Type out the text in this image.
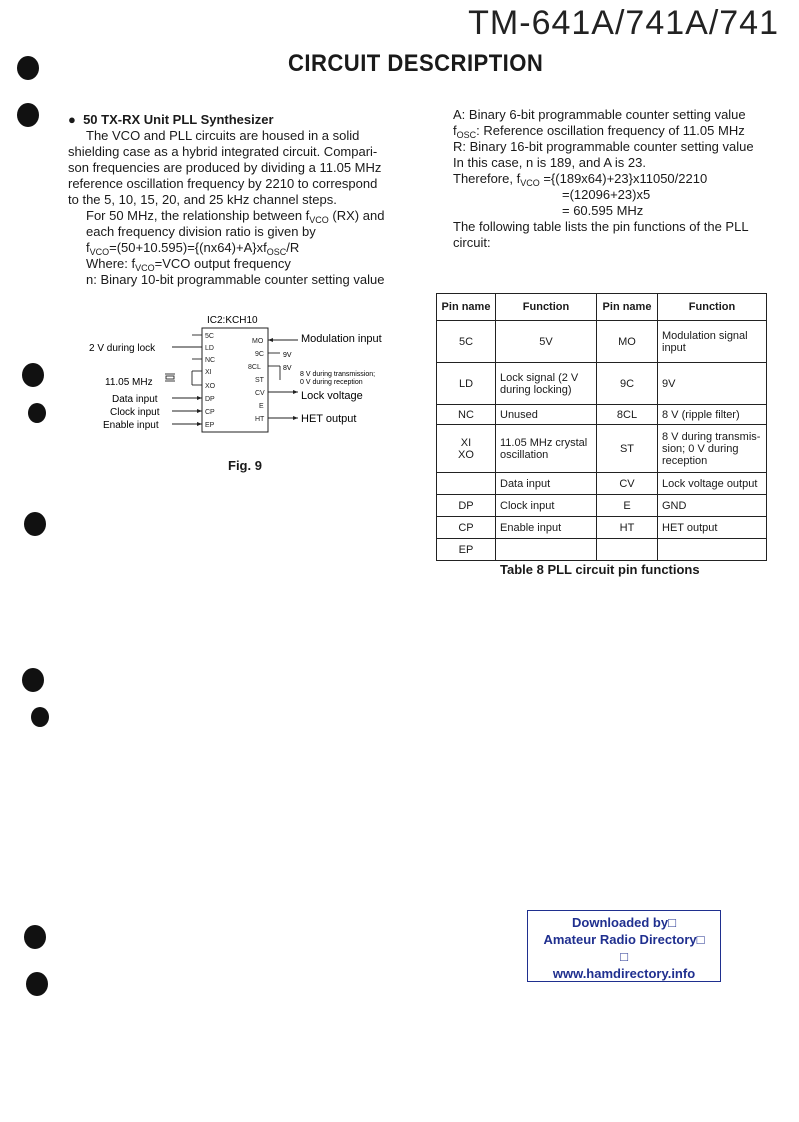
TM-641A/741A/741
CIRCUIT DESCRIPTION
●  50 TX-RX Unit PLL Synthesizer
The VCO and PLL circuits are housed in a solid
shielding case as a hybrid integrated circuit. Compari-
son frequencies are produced by dividing a 11.05 MHz
reference oscillation frequency by 2210 to correspond
to the 5, 10, 15, 20, and 25 kHz channel steps.
For 50 MHz, the relationship between $f_{VCO}$ (RX) and
each frequency division ratio is given by
$f_{VCO}=(50+10.595)=\{(nx64)+A\}xf_{OSC}/R$
Where: $f_{VCO}=VCO$ output frequency
n: Binary 10-bit programmable counter setting value
A: Binary 6-bit programmable counter setting value
$f_{OSC}$: Reference oscillation frequency of 11.05 MHz
R: Binary 16-bit programmable counter setting value
In this case, n is 189, and A is 23.
Therefore, $f_{VCO} =\{(189x64)+23\}x11050/2210$
=(12096+23)x5
= 60.595 MHz
The following table lists the pin functions of the PLL
circuit:
IC2:KCH10
5C
LD
NC
XI
XO
DP
CP
EP
MO
9C
8CL
ST
CV
E
HT
2 V during lock
11.05 MHz
Data input
Clock input
Enable input
Modulation input
9V
8V
8 V during transmission;
0 V during reception
Lock voltage
HET output
Fig. 9
Pin name	Function	Pin name	Function
5C	5V	MO	Modulation signal input
LD	Lock signal (2 V during locking)	9C	9V
NC	Unused	8CL	8 V (ripple filter)
XI
XO	11.05 MHz crystal oscillation	ST	8 V during transmis-sion; 0 V during reception
	Data input	CV	Lock voltage output
DP	Clock input	E	GND
CP	Enable input	HT	HET output
EP			
Table 8 PLL circuit pin functions
Downloaded by□
Amateur Radio Directory□
□
www.hamdirectory.info
